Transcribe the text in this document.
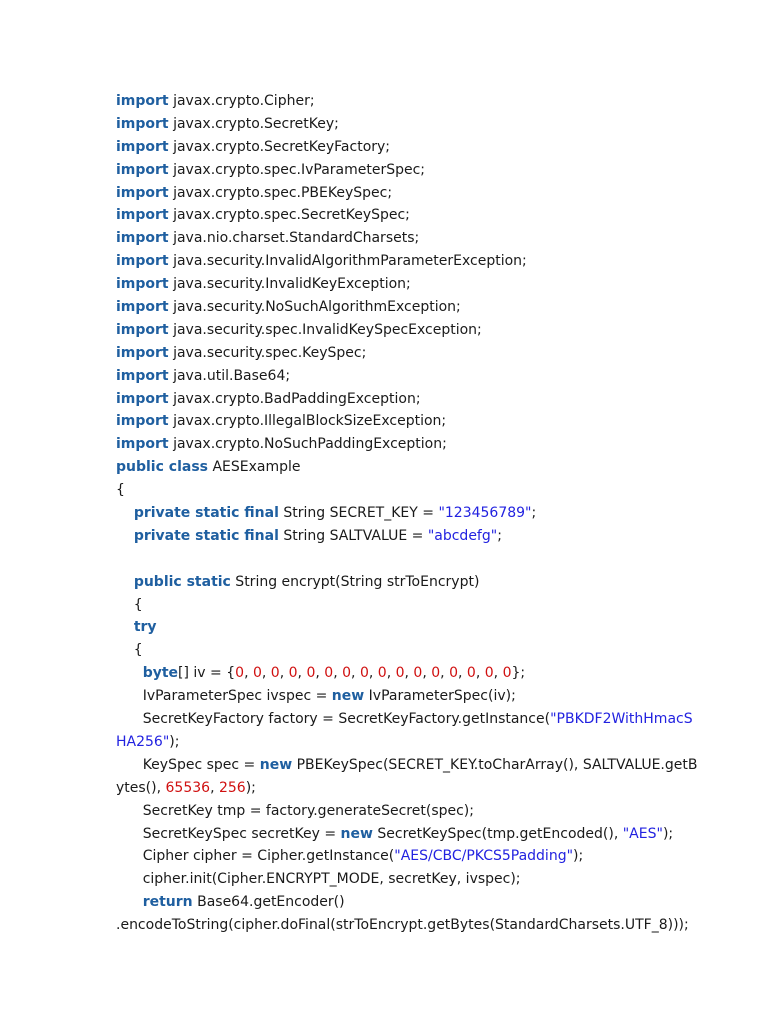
import javax.crypto.Cipher;
import javax.crypto.SecretKey;
import javax.crypto.SecretKeyFactory;
import javax.crypto.spec.IvParameterSpec;
import javax.crypto.spec.PBEKeySpec;
import javax.crypto.spec.SecretKeySpec;
import java.nio.charset.StandardCharsets;
import java.security.InvalidAlgorithmParameterException;
import java.security.InvalidKeyException;
import java.security.NoSuchAlgorithmException;
import java.security.spec.InvalidKeySpecException;
import java.security.spec.KeySpec;
import java.util.Base64;
import javax.crypto.BadPaddingException;
import javax.crypto.IllegalBlockSizeException;
import javax.crypto.NoSuchPaddingException;
public class AESExample
{
private static final String SECRET_KEY = "123456789";
private static final String SALTVALUE = "abcdefg";
public static String encrypt(String strToEncrypt)
{
try
{
byte[] iv = {0, 0, 0, 0, 0, 0, 0, 0, 0, 0, 0, 0, 0, 0, 0, 0};
IvParameterSpec ivspec = new IvParameterSpec(iv);
SecretKeyFactory factory = SecretKeyFactory.getInstance("PBKDF2WithHmacS
HA256");
KeySpec spec = new PBEKeySpec(SECRET_KEY.toCharArray(), SALTVALUE.getB
ytes(), 65536, 256);
SecretKey tmp = factory.generateSecret(spec);
SecretKeySpec secretKey = new SecretKeySpec(tmp.getEncoded(), "AES");
Cipher cipher = Cipher.getInstance("AES/CBC/PKCS5Padding");
cipher.init(Cipher.ENCRYPT_MODE, secretKey, ivspec);
return Base64.getEncoder()
.encodeToString(cipher.doFinal(strToEncrypt.getBytes(StandardCharsets.UTF_8)));
